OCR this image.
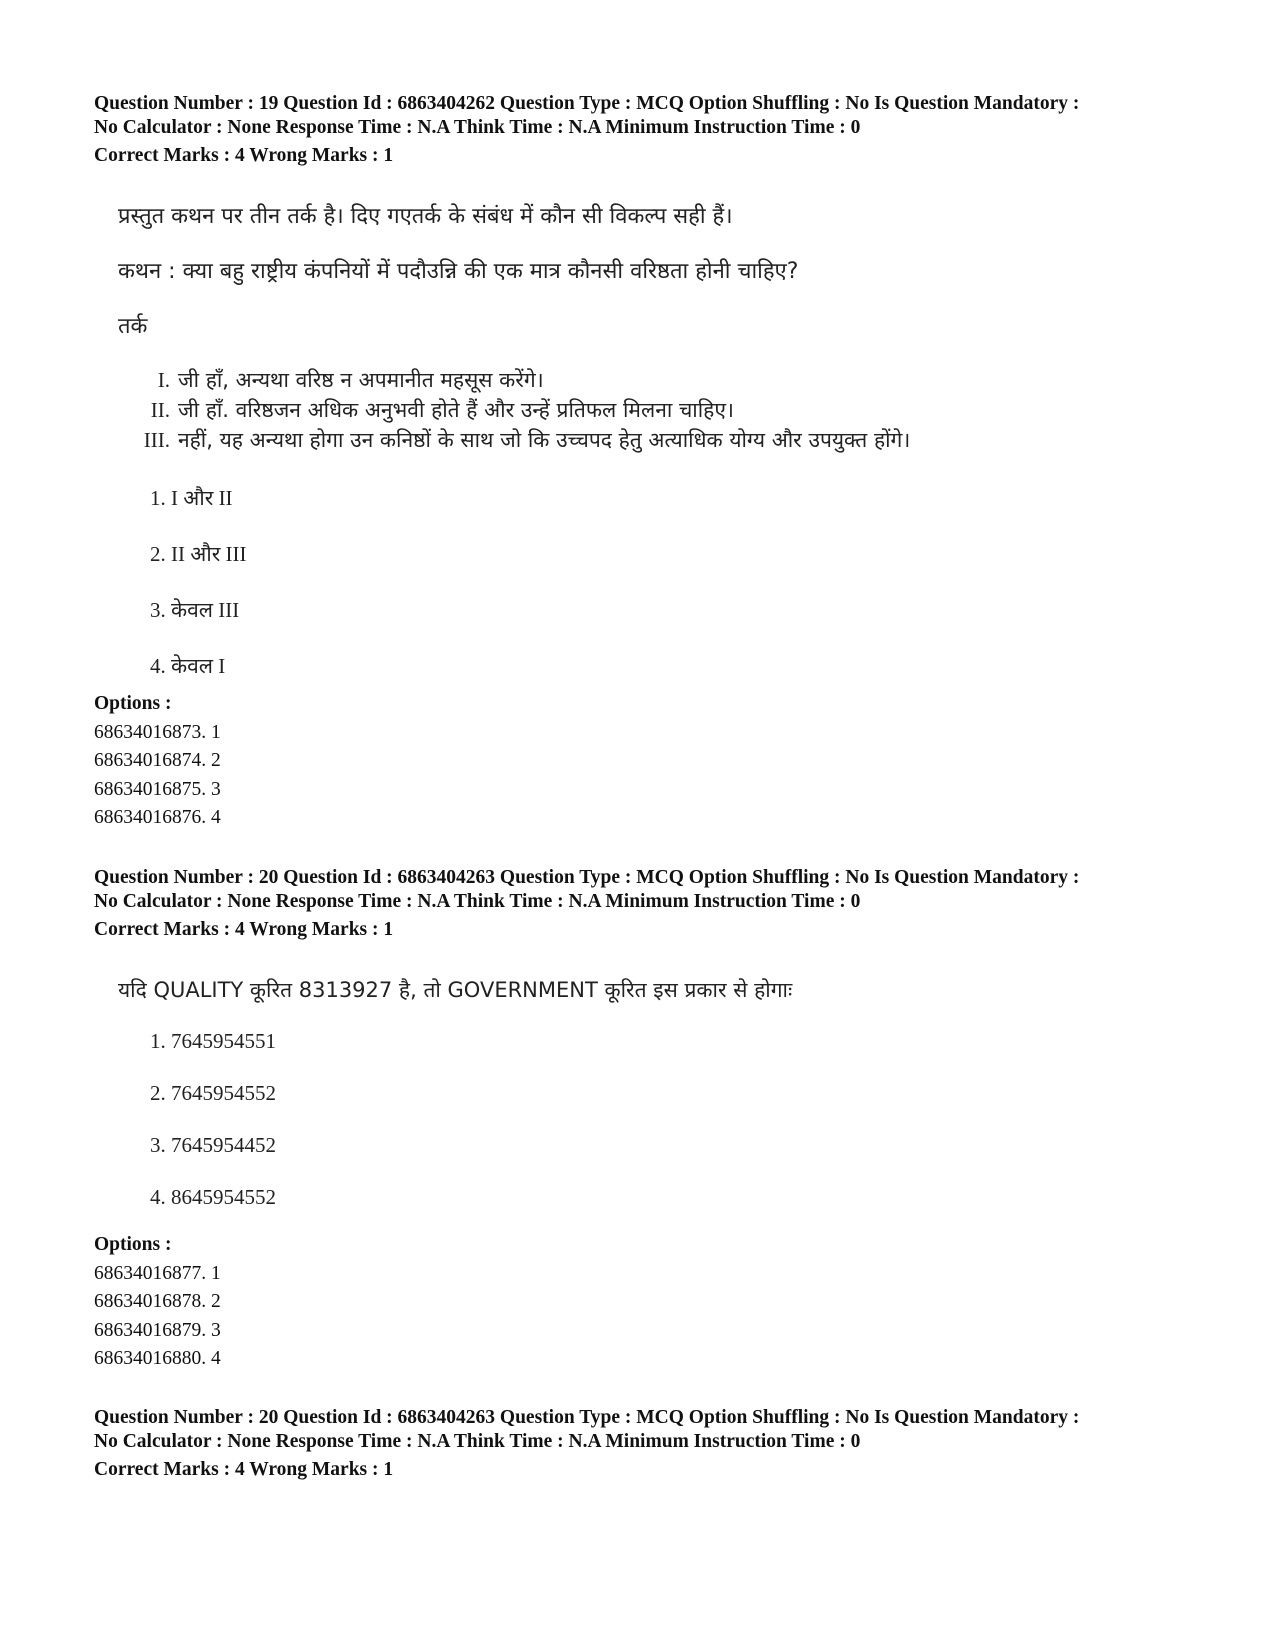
Question Number : 19 Question Id : 6863404262 Question Type : MCQ Option Shuffling : No Is Question Mandatory :

No Calculator : None Response Time : N.A Think Time : N.A Minimum Instruction Time : 0

Correct Marks : 4 Wrong Marks : 1

प्रस्तुत कथन पर तीन तर्क है। दिए गएतर्क के संबंध में कौन सी विकल्प सही हैं।
कथन : क्या बहु राष्ट्रीय कंपनियों में पदौउन्नि की एक मात्र कौनसी वरिष्ठता होनी चाहिए?
तर्क
I. जी हाँ, अन्यथा वरिष्ठ न अपमानीत महसूस करेंगे।
II. जी हाँ. वरिष्ठजन अधिक अनुभवी होते हैं और उन्हें प्रतिफल मिलना चाहिए।
III. नहीं, यह अन्यथा होगा उन कनिष्ठों के साथ जो कि उच्चपद हेतु अत्याधिक योग्य और उपयुक्त होंगे।
1. I और II
2. II और III
3. केवल III
4. केवल I
Options :
68634016873. 1
68634016874. 2
68634016875. 3
68634016876. 4

Question Number : 20 Question Id : 6863404263 Question Type : MCQ Option Shuffling : No Is Question Mandatory :

No Calculator : None Response Time : N.A Think Time : N.A Minimum Instruction Time : 0

Correct Marks : 4 Wrong Marks : 1

यदि QUALITY कूरित 8313927 है, तो GOVERNMENT कूरित इस प्रकार से होगाः
1. 7645954551
2. 7645954552
3. 7645954452
4. 8645954552
Options :
68634016877. 1
68634016878. 2
68634016879. 3
68634016880. 4

Question Number : 20 Question Id : 6863404263 Question Type : MCQ Option Shuffling : No Is Question Mandatory :

No Calculator : None Response Time : N.A Think Time : N.A Minimum Instruction Time : 0

Correct Marks : 4 Wrong Marks : 1
